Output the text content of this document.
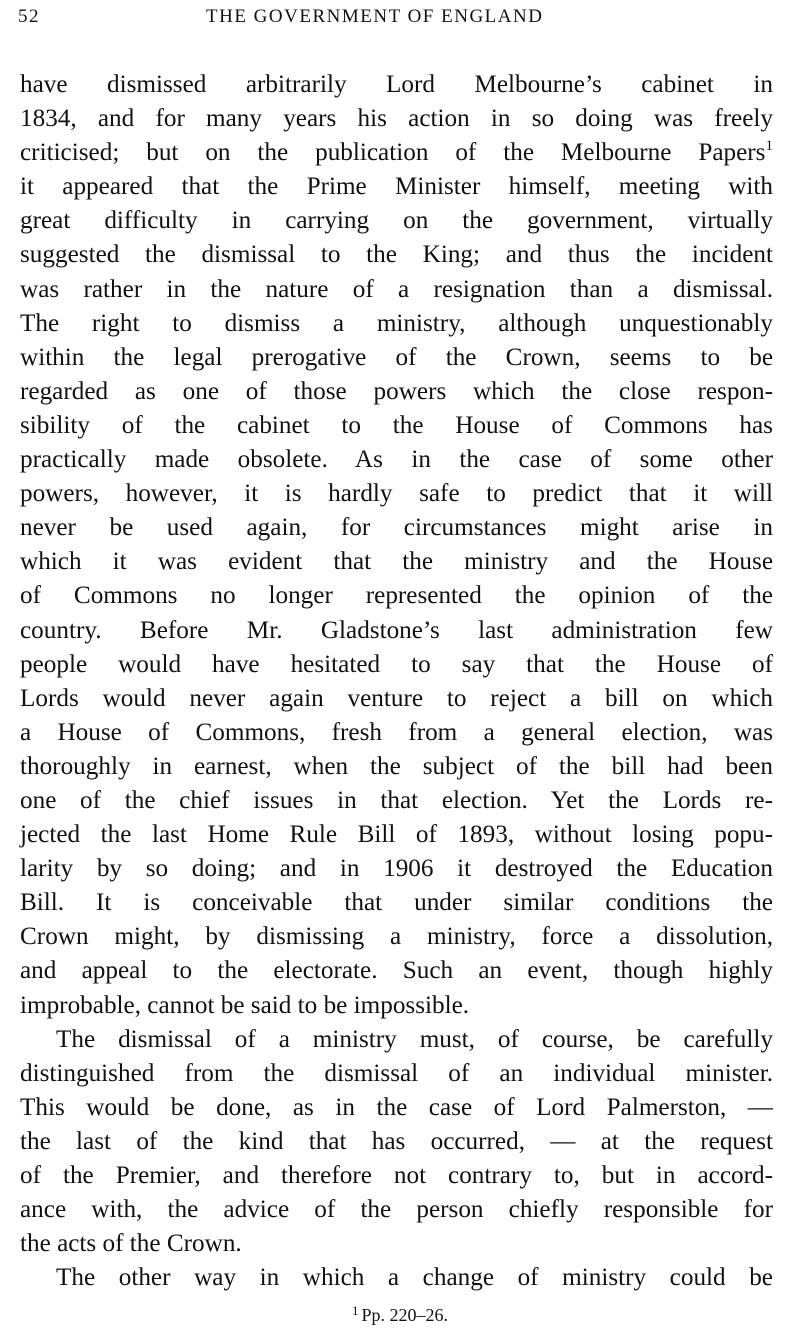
52	THE GOVERNMENT OF ENGLAND
have dismissed arbitrarily Lord Melbourne’s cabinet in
1834, and for many years his action in so doing was freely
criticised; but on the publication of the Melbourne Papers$^1$
it appeared that the Prime Minister himself, meeting with
great difficulty in carrying on the government, virtually
suggested the dismissal to the King; and thus the incident
was rather in the nature of a resignation than a dismissal.
The right to dismiss a ministry, although unquestionably
within the legal prerogative of the Crown, seems to be
regarded as one of those powers which the close respon-
sibility of the cabinet to the House of Commons has
practically made obsolete. As in the case of some other
powers, however, it is hardly safe to predict that it will
never be used again, for circumstances might arise in
which it was evident that the ministry and the House
of Commons no longer represented the opinion of the
country. Before Mr. Gladstone’s last administration few
people would have hesitated to say that the House of
Lords would never again venture to reject a bill on which
a House of Commons, fresh from a general election, was
thoroughly in earnest, when the subject of the bill had been
one of the chief issues in that election. Yet the Lords re-
jected the last Home Rule Bill of 1893, without losing popu-
larity by so doing; and in 1906 it destroyed the Education
Bill. It is conceivable that under similar conditions the
Crown might, by dismissing a ministry, force a dissolution,
and appeal to the electorate. Such an event, though highly
improbable, cannot be said to be impossible.
The dismissal of a ministry must, of course, be carefully
distinguished from the dismissal of an individual minister.
This would be done, as in the case of Lord Palmerston, —
the last of the kind that has occurred, — at the request
of the Premier, and therefore not contrary to, but in accord-
ance with, the advice of the person chiefly responsible for
the acts of the Crown.
The other way in which a change of ministry could be
$^1$ Pp. 220–26.
